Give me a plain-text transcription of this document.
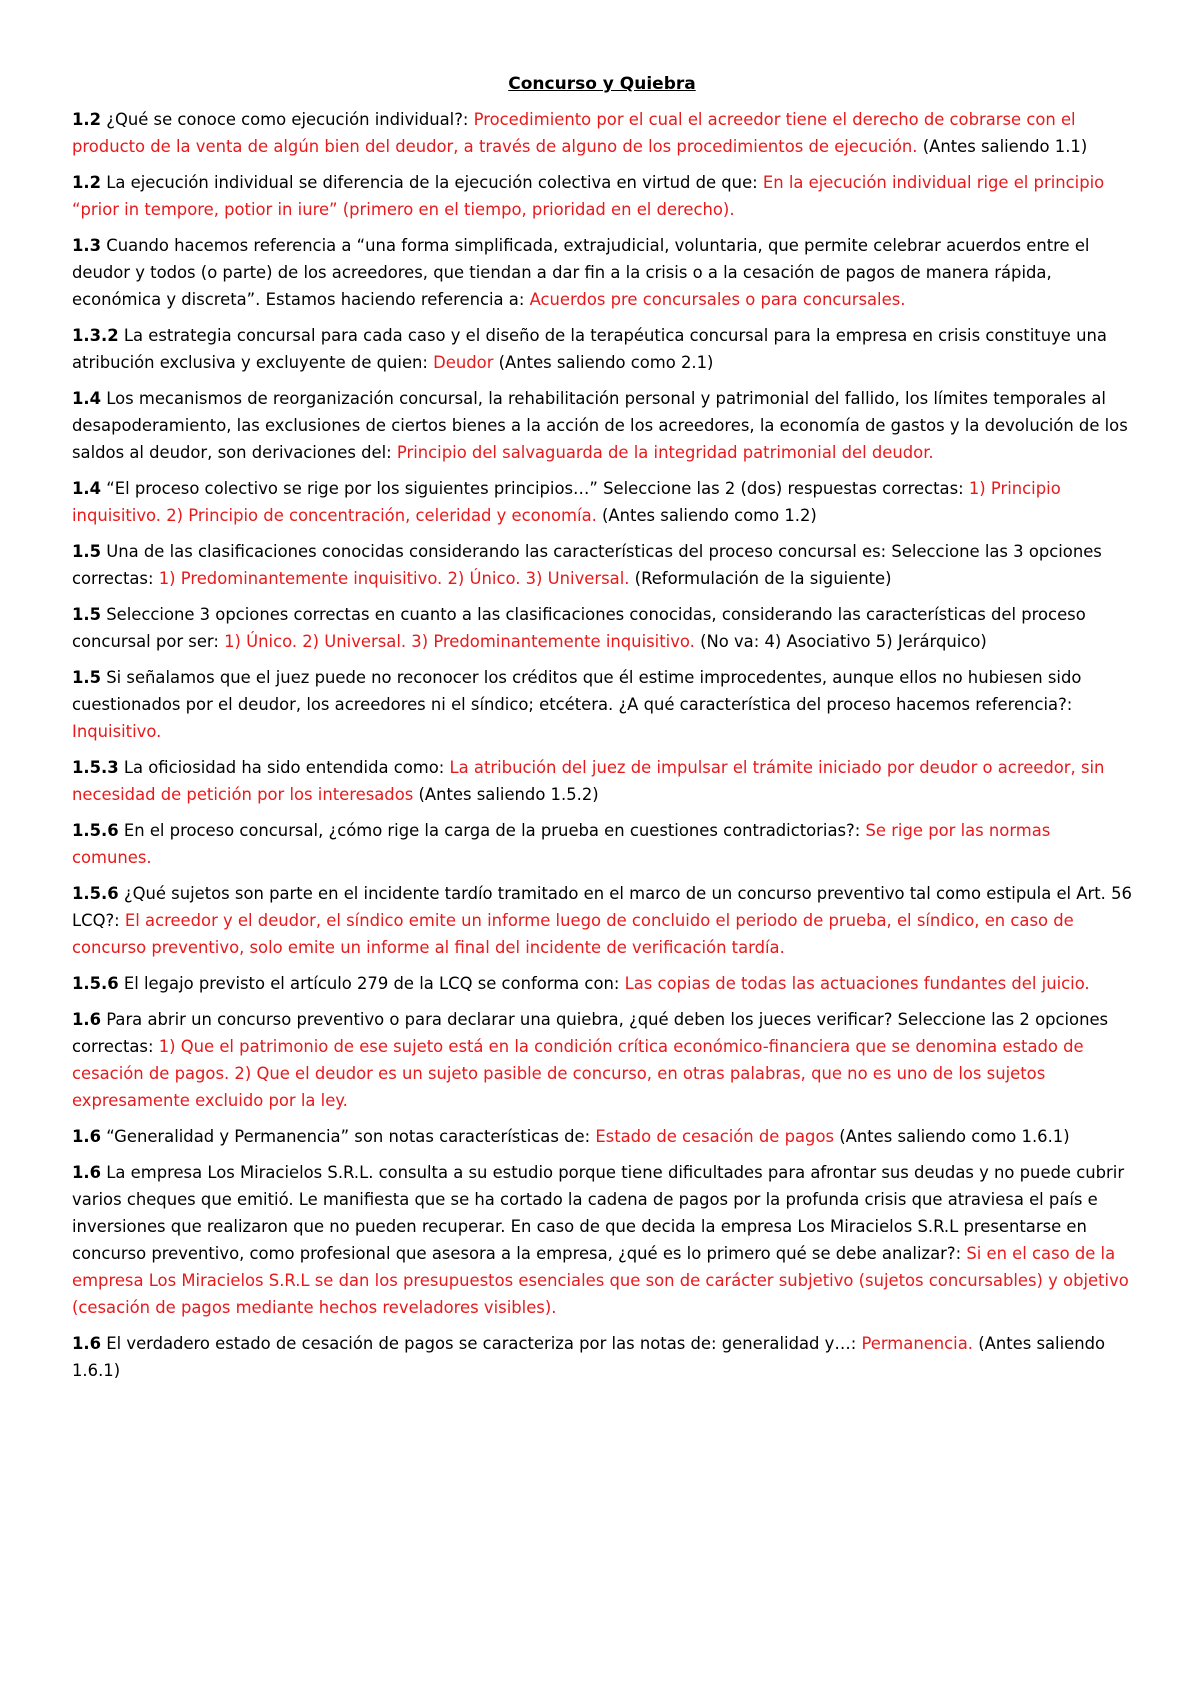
Concurso y Quiebra

1.2 ¿Qué se conoce como ejecución individual?: Procedimiento por el cual el acreedor tiene el derecho de cobrarse con el producto de la venta de algún bien del deudor, a través de alguno de los procedimientos de ejecución. (Antes saliendo 1.1)

1.2 La ejecución individual se diferencia de la ejecución colectiva en virtud de que: En la ejecución individual rige el principio “prior in tempore, potior in iure” (primero en el tiempo, prioridad en el derecho).

1.3 Cuando hacemos referencia a “una forma simplificada, extrajudicial, voluntaria, que permite celebrar acuerdos entre el deudor y todos (o parte) de los acreedores, que tiendan a dar fin a la crisis o a la cesación de pagos de manera rápida, económica y discreta”. Estamos haciendo referencia a: Acuerdos pre concursales o para concursales.

1.3.2 La estrategia concursal para cada caso y el diseño de la terapéutica concursal para la empresa en crisis constituye una atribución exclusiva y excluyente de quien: Deudor (Antes saliendo como 2.1)

1.4 Los mecanismos de reorganización concursal, la rehabilitación personal y patrimonial del fallido, los límites temporales al desapoderamiento, las exclusiones de ciertos bienes a la acción de los acreedores, la economía de gastos y la devolución de los saldos al deudor, son derivaciones del: Principio del salvaguarda de la integridad patrimonial del deudor.

1.4 “El proceso colectivo se rige por los siguientes principios…” Seleccione las 2 (dos) respuestas correctas: 1) Principio inquisitivo. 2) Principio de concentración, celeridad y economía. (Antes saliendo como 1.2)

1.5 Una de las clasificaciones conocidas considerando las características del proceso concursal es: Seleccione las 3 opciones correctas: 1) Predominantemente inquisitivo. 2) Único. 3) Universal. (Reformulación de la siguiente)

1.5 Seleccione 3 opciones correctas en cuanto a las clasificaciones conocidas, considerando las características del proceso concursal por ser: 1) Único. 2) Universal. 3) Predominantemente inquisitivo. (No va: 4) Asociativo 5) Jerárquico)

1.5 Si señalamos que el juez puede no reconocer los créditos que él estime improcedentes, aunque ellos no hubiesen sido cuestionados por el deudor, los acreedores ni el síndico; etcétera. ¿A qué característica del proceso hacemos referencia?: Inquisitivo.

1.5.3 La oficiosidad ha sido entendida como: La atribución del juez de impulsar el trámite iniciado por deudor o acreedor, sin necesidad de petición por los interesados (Antes saliendo 1.5.2)

1.5.6 En el proceso concursal, ¿cómo rige la carga de la prueba en cuestiones contradictorias?: Se rige por las normas comunes.

1.5.6 ¿Qué sujetos son parte en el incidente tardío tramitado en el marco de un concurso preventivo tal como estipula el Art. 56 LCQ?: El acreedor y el deudor, el síndico emite un informe luego de concluido el periodo de prueba, el síndico, en caso de concurso preventivo, solo emite un informe al final del incidente de verificación tardía.

1.5.6 El legajo previsto el artículo 279 de la LCQ se conforma con: Las copias de todas las actuaciones fundantes del juicio.

1.6 Para abrir un concurso preventivo o para declarar una quiebra, ¿qué deben los jueces verificar? Seleccione las 2 opciones correctas: 1) Que el patrimonio de ese sujeto está en la condición crítica económico-financiera que se denomina estado de cesación de pagos. 2) Que el deudor es un sujeto pasible de concurso, en otras palabras, que no es uno de los sujetos expresamente excluido por la ley.

1.6 “Generalidad y Permanencia” son notas características de: Estado de cesación de pagos (Antes saliendo como 1.6.1)

1.6 La empresa Los Miracielos S.R.L. consulta a su estudio porque tiene dificultades para afrontar sus deudas y no puede cubrir varios cheques que emitió. Le manifiesta que se ha cortado la cadena de pagos por la profunda crisis que atraviesa el país e inversiones que realizaron que no pueden recuperar. En caso de que decida la empresa Los Miracielos S.R.L presentarse en concurso preventivo, como profesional que asesora a la empresa, ¿qué es lo primero qué se debe analizar?: Si en el caso de la empresa Los Miracielos S.R.L se dan los presupuestos esenciales que son de carácter subjetivo (sujetos concursables) y objetivo (cesación de pagos mediante hechos reveladores visibles).

1.6 El verdadero estado de cesación de pagos se caracteriza por las notas de: generalidad y…: Permanencia. (Antes saliendo 1.6.1)
